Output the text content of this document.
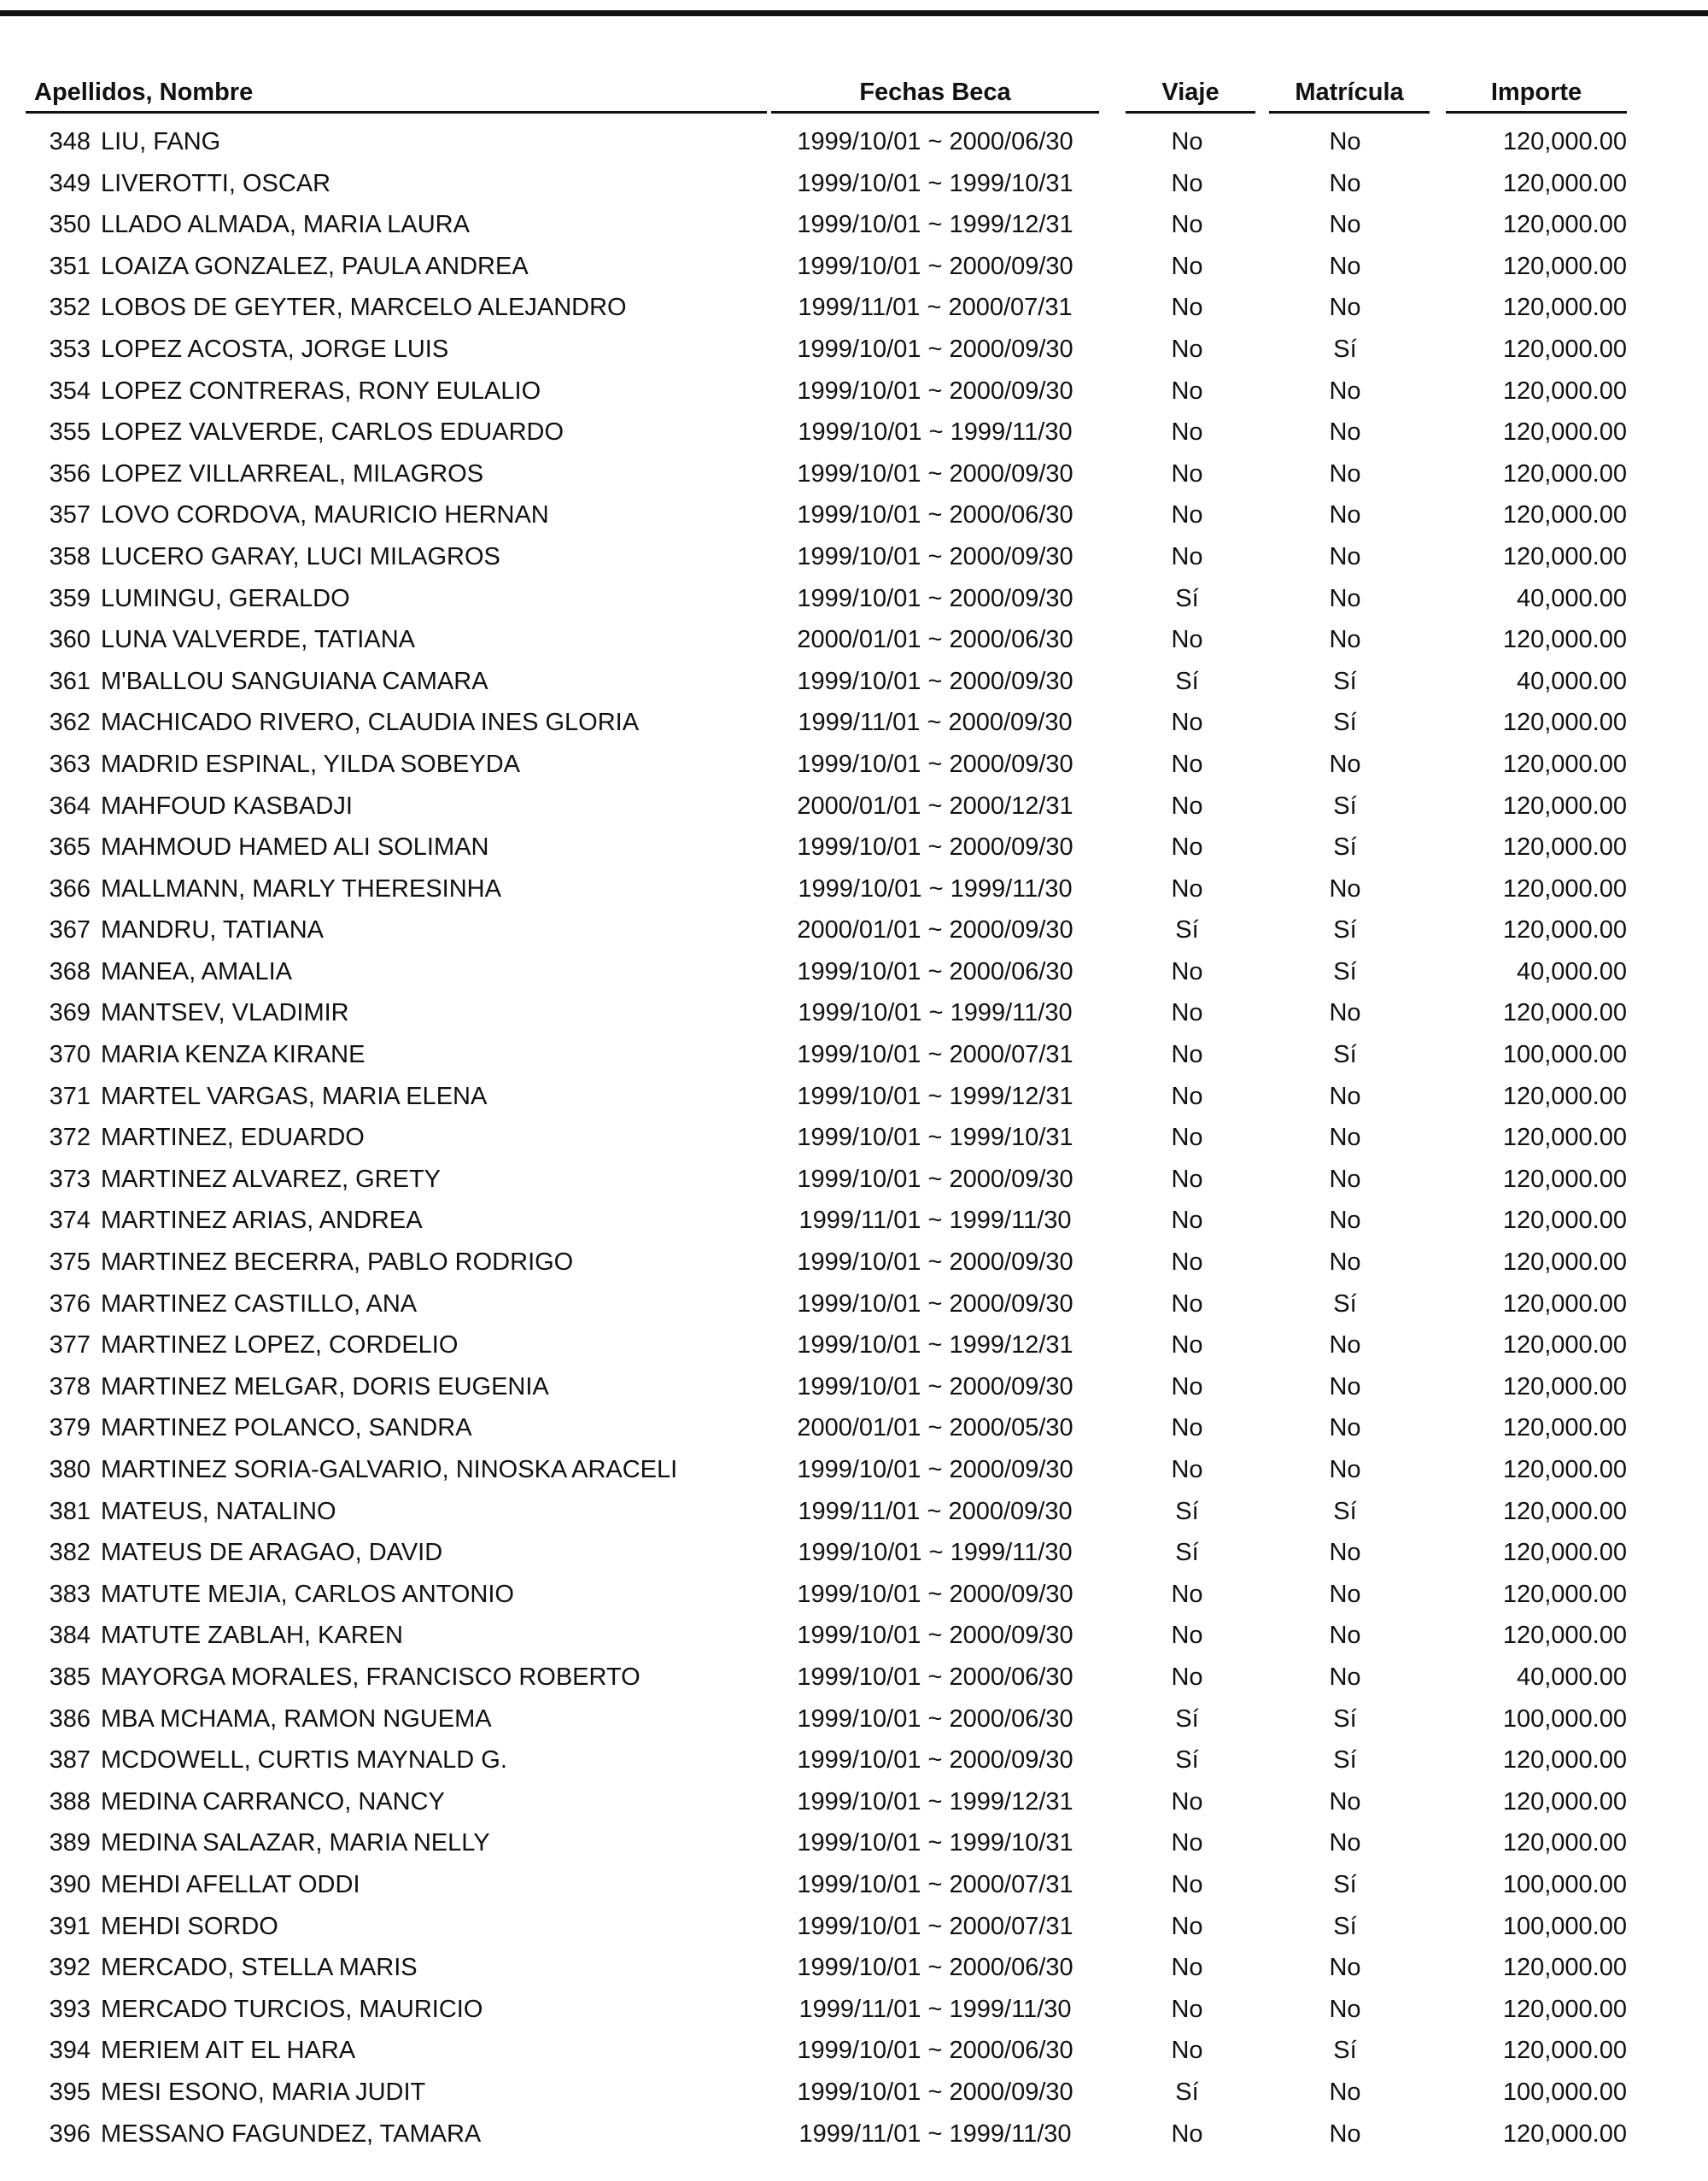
Apellidos, Nombre	Fechas Beca	Viaje	Matrícula	Importe
348 LIU, FANG	1999/10/01 ~ 2000/06/30	No	No	120,000.00
349 LIVEROTTI, OSCAR	1999/10/01 ~ 1999/10/31	No	No	120,000.00
350 LLADO ALMADA, MARIA LAURA	1999/10/01 ~ 1999/12/31	No	No	120,000.00
351 LOAIZA GONZALEZ, PAULA ANDREA	1999/10/01 ~ 2000/09/30	No	No	120,000.00
352 LOBOS DE GEYTER, MARCELO ALEJANDRO	1999/11/01 ~ 2000/07/31	No	No	120,000.00
353 LOPEZ ACOSTA, JORGE LUIS	1999/10/01 ~ 2000/09/30	No	Sí	120,000.00
354 LOPEZ CONTRERAS, RONY EULALIO	1999/10/01 ~ 2000/09/30	No	No	120,000.00
355 LOPEZ VALVERDE, CARLOS EDUARDO	1999/10/01 ~ 1999/11/30	No	No	120,000.00
356 LOPEZ VILLARREAL, MILAGROS	1999/10/01 ~ 2000/09/30	No	No	120,000.00
357 LOVO CORDOVA, MAURICIO HERNAN	1999/10/01 ~ 2000/06/30	No	No	120,000.00
358 LUCERO GARAY, LUCI MILAGROS	1999/10/01 ~ 2000/09/30	No	No	120,000.00
359 LUMINGU, GERALDO	1999/10/01 ~ 2000/09/30	Sí	No	40,000.00
360 LUNA VALVERDE, TATIANA	2000/01/01 ~ 2000/06/30	No	No	120,000.00
361 M'BALLOU SANGUIANA CAMARA	1999/10/01 ~ 2000/09/30	Sí	Sí	40,000.00
362 MACHICADO RIVERO, CLAUDIA INES GLORIA	1999/11/01 ~ 2000/09/30	No	Sí	120,000.00
363 MADRID ESPINAL, YILDA SOBEYDA	1999/10/01 ~ 2000/09/30	No	No	120,000.00
364 MAHFOUD KASBADJI	2000/01/01 ~ 2000/12/31	No	Sí	120,000.00
365 MAHMOUD HAMED ALI SOLIMAN	1999/10/01 ~ 2000/09/30	No	Sí	120,000.00
366 MALLMANN, MARLY THERESINHA	1999/10/01 ~ 1999/11/30	No	No	120,000.00
367 MANDRU, TATIANA	2000/01/01 ~ 2000/09/30	Sí	Sí	120,000.00
368 MANEA, AMALIA	1999/10/01 ~ 2000/06/30	No	Sí	40,000.00
369 MANTSEV, VLADIMIR	1999/10/01 ~ 1999/11/30	No	No	120,000.00
370 MARIA KENZA KIRANE	1999/10/01 ~ 2000/07/31	No	Sí	100,000.00
371 MARTEL VARGAS, MARIA ELENA	1999/10/01 ~ 1999/12/31	No	No	120,000.00
372 MARTINEZ, EDUARDO	1999/10/01 ~ 1999/10/31	No	No	120,000.00
373 MARTINEZ ALVAREZ, GRETY	1999/10/01 ~ 2000/09/30	No	No	120,000.00
374 MARTINEZ ARIAS, ANDREA	1999/11/01 ~ 1999/11/30	No	No	120,000.00
375 MARTINEZ BECERRA, PABLO RODRIGO	1999/10/01 ~ 2000/09/30	No	No	120,000.00
376 MARTINEZ CASTILLO, ANA	1999/10/01 ~ 2000/09/30	No	Sí	120,000.00
377 MARTINEZ LOPEZ, CORDELIO	1999/10/01 ~ 1999/12/31	No	No	120,000.00
378 MARTINEZ MELGAR, DORIS EUGENIA	1999/10/01 ~ 2000/09/30	No	No	120,000.00
379 MARTINEZ POLANCO, SANDRA	2000/01/01 ~ 2000/05/30	No	No	120,000.00
380 MARTINEZ SORIA-GALVARIO, NINOSKA ARACELI	1999/10/01 ~ 2000/09/30	No	No	120,000.00
381 MATEUS, NATALINO	1999/11/01 ~ 2000/09/30	Sí	Sí	120,000.00
382 MATEUS DE ARAGAO, DAVID	1999/10/01 ~ 1999/11/30	Sí	No	120,000.00
383 MATUTE MEJIA, CARLOS ANTONIO	1999/10/01 ~ 2000/09/30	No	No	120,000.00
384 MATUTE ZABLAH, KAREN	1999/10/01 ~ 2000/09/30	No	No	120,000.00
385 MAYORGA MORALES, FRANCISCO ROBERTO	1999/10/01 ~ 2000/06/30	No	No	40,000.00
386 MBA MCHAMA, RAMON NGUEMA	1999/10/01 ~ 2000/06/30	Sí	Sí	100,000.00
387 MCDOWELL, CURTIS MAYNALD G.	1999/10/01 ~ 2000/09/30	Sí	Sí	120,000.00
388 MEDINA CARRANCO, NANCY	1999/10/01 ~ 1999/12/31	No	No	120,000.00
389 MEDINA SALAZAR, MARIA NELLY	1999/10/01 ~ 1999/10/31	No	No	120,000.00
390 MEHDI AFELLAT ODDI	1999/10/01 ~ 2000/07/31	No	Sí	100,000.00
391 MEHDI SORDO	1999/10/01 ~ 2000/07/31	No	Sí	100,000.00
392 MERCADO, STELLA MARIS	1999/10/01 ~ 2000/06/30	No	No	120,000.00
393 MERCADO TURCIOS, MAURICIO	1999/11/01 ~ 1999/11/30	No	No	120,000.00
394 MERIEM AIT EL HARA	1999/10/01 ~ 2000/06/30	No	Sí	120,000.00
395 MESI ESONO, MARIA JUDIT	1999/10/01 ~ 2000/09/30	Sí	No	100,000.00
396 MESSANO FAGUNDEZ, TAMARA	1999/11/01 ~ 1999/11/30	No	No	120,000.00
